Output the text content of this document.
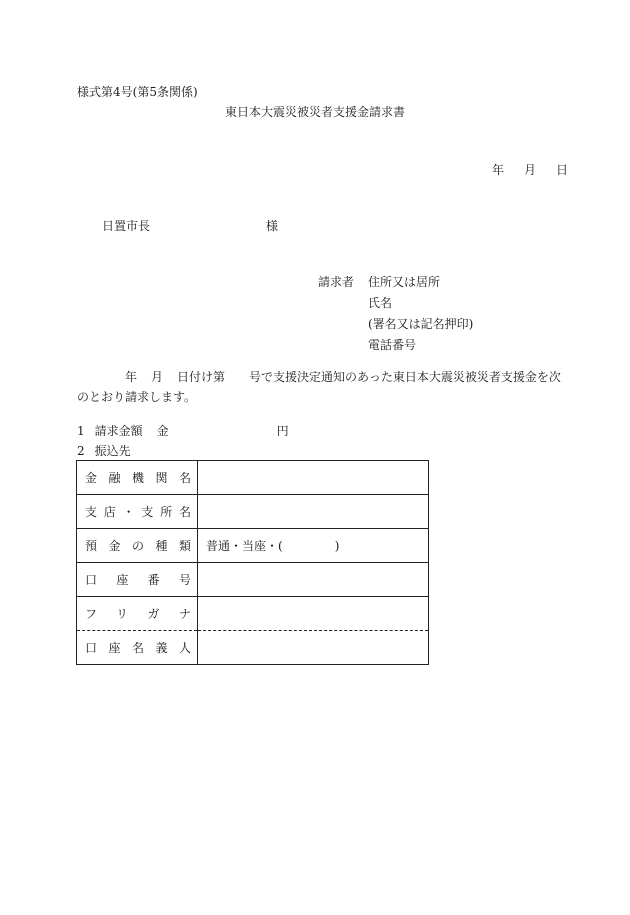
様式第4号(第5条関係)
東日本大震災被災者支援金請求書
年 月 日
日置市長	様
請求者 住所又は居所
氏名
(署名又は記名押印)
電話番号
年 月 日付け第 号で支援決定通知のあった東日本大震災被災者支援金を次のとおり請求します。
1 請求金額 金	円
2 振込先
金融機関名	
支店・支所名	
預金の種類	普通・当座・( )
口座番号	
フリガナ	
口座名義人	
